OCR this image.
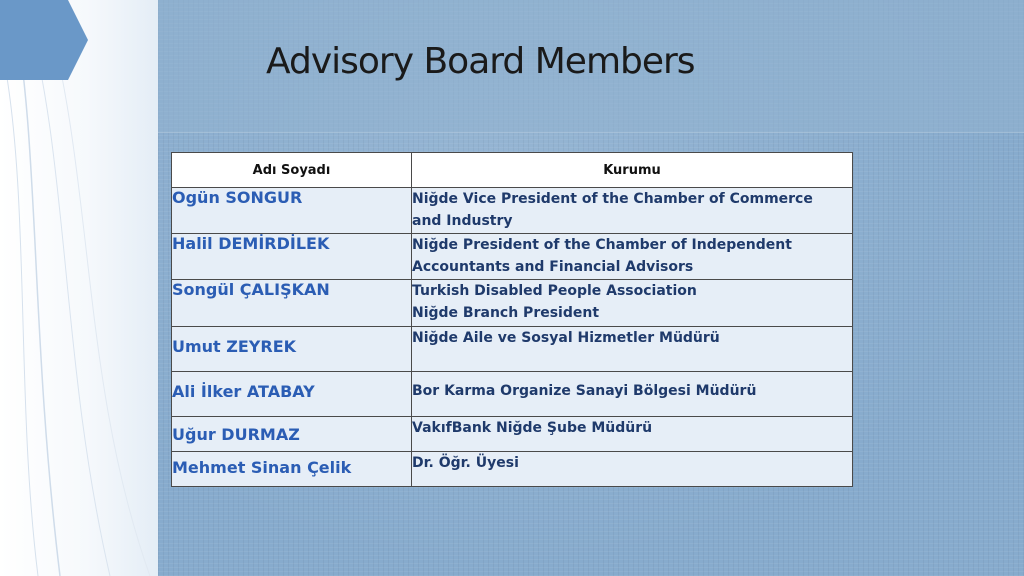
Advisory Board Members
Adı Soyadı	Kurumu
Ogün SONGUR	Niğde Vice President of the Chamber of Commerce
and Industry

Halil DEMİRDİLEK	Niğde President of the Chamber of Independent
Accountants and Financial Advisors

Songül ÇALIŞKAN	Turkish Disabled People Association
Niğde Branch President

Umut ZEYREK	Niğde Aile ve Sosyal Hizmetler Müdürü

Ali İlker ATABAY	Bor Karma Organize Sanayi Bölgesi Müdürü

Uğur DURMAZ	VakıfBank Niğde Şube Müdürü

Mehmet Sinan Çelik	Dr. Öğr. Üyesi
